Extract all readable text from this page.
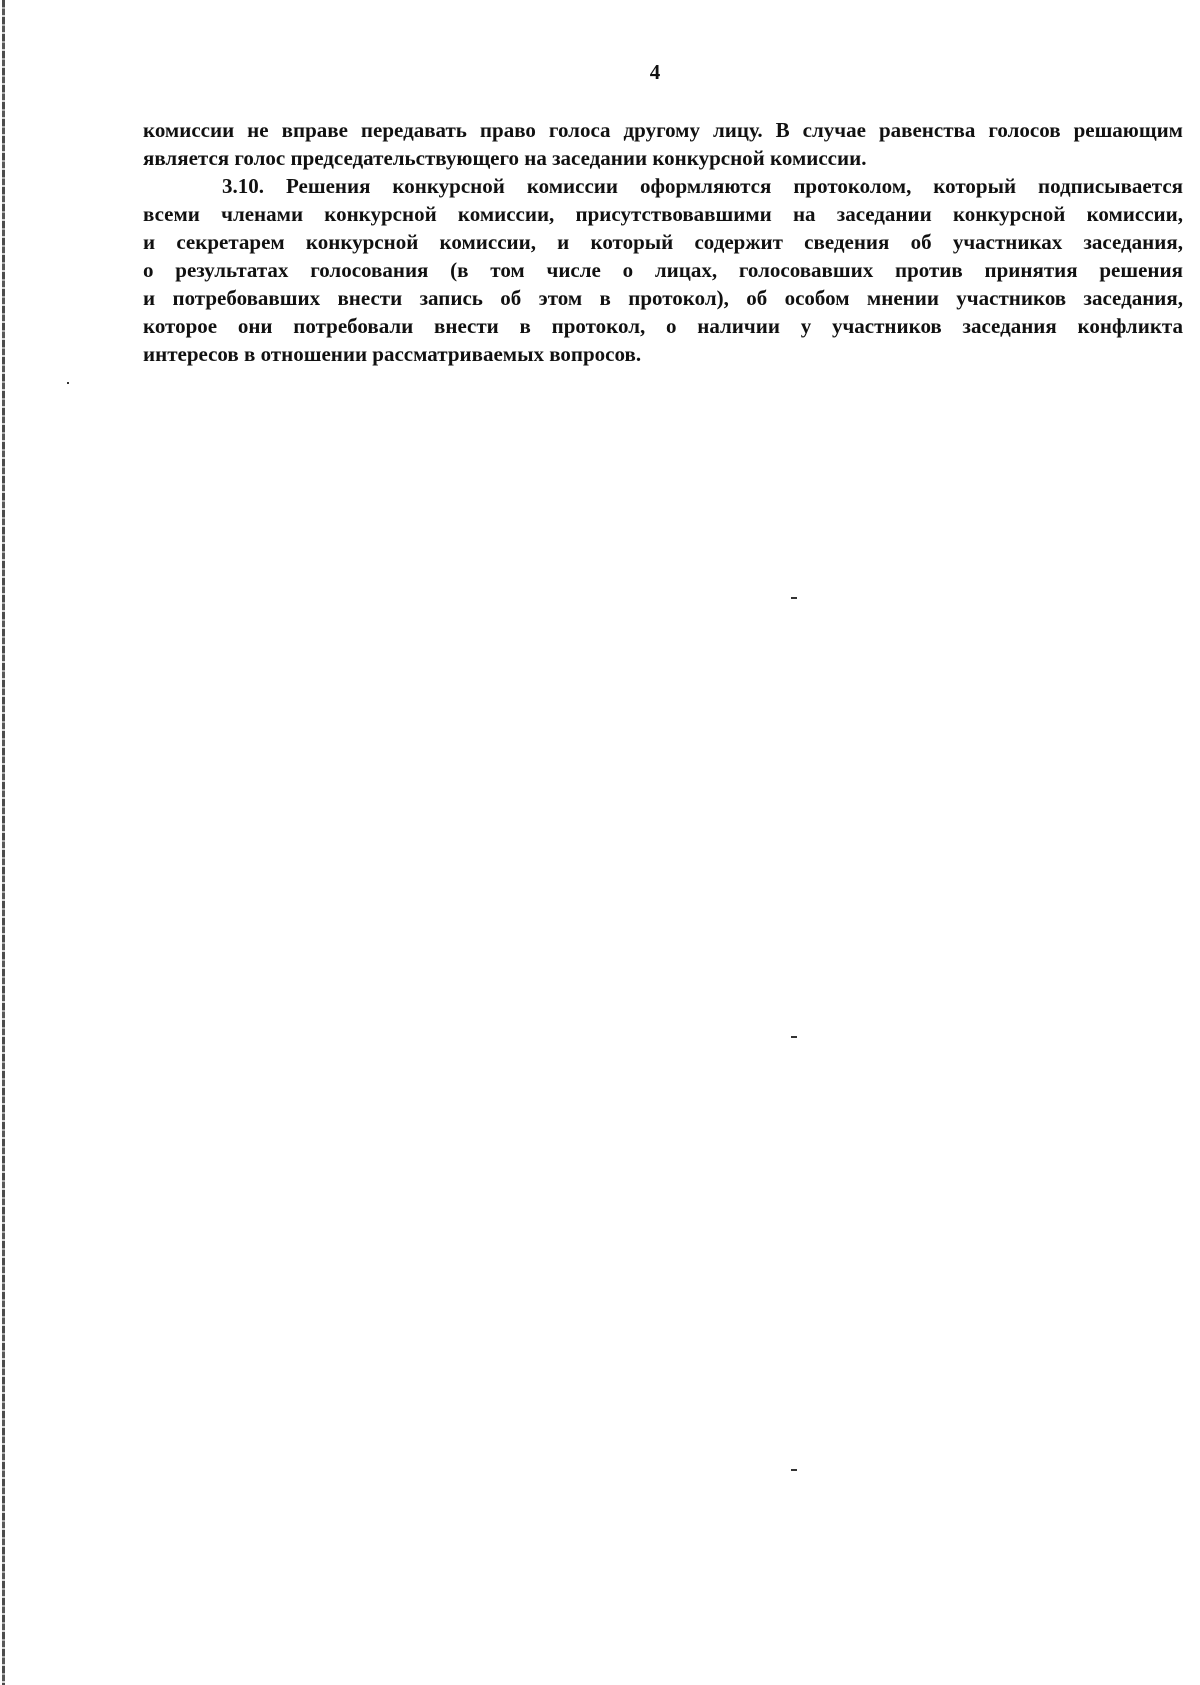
4
комиссии не вправе передавать право голоса другому лицу. В случае равенства голосов решающим
является голос председательствующего на заседании конкурсной комиссии.
3.10. Решения конкурсной комиссии оформляются протоколом, который подписывается
всеми членами конкурсной комиссии, присутствовавшими на заседании конкурсной комиссии,
и секретарем конкурсной комиссии, и который содержит сведения об участниках заседания,
о результатах голосования (в том числе о лицах, голосовавших против принятия решения
и потребовавших внести запись об этом в протокол), об особом мнении участников заседания,
которое они потребовали внести в протокол, о наличии у участников заседания конфликта
интересов в отношении рассматриваемых вопросов.
